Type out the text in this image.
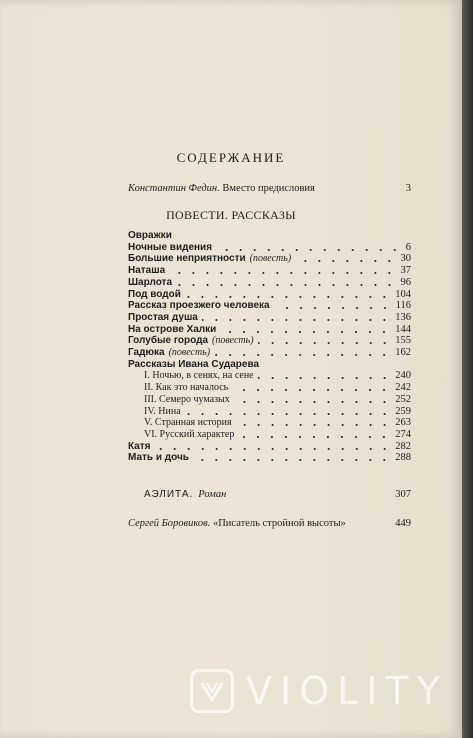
СОДЕРЖАНИЕ
Константин Федин. Вместо предисловия	3
ПОВЕСТИ. РАССКАЗЫ
Овражки
Ночные видения	6
Большие неприятности (повесть)	30
Наташа	37
Шарлота	96
Под водой	104
Рассказ проезжего человека	116
Простая душа	136
На острове Халки	144
Голубые города (повесть)	155
Гадюка (повесть)	162
Рассказы Ивана Сударева
I. Ночью, в сенях, на сене	240
II. Как это началось	242
III. Семеро чумазых	252
IV. Нина	259
V. Странная история	263
VI. Русский характер	274
Катя	282
Мать и дочь	288
АЭЛИТА. Роман	307
Сергей Боровиков. «Писатель стройной высоты»	449
VIOLITY
